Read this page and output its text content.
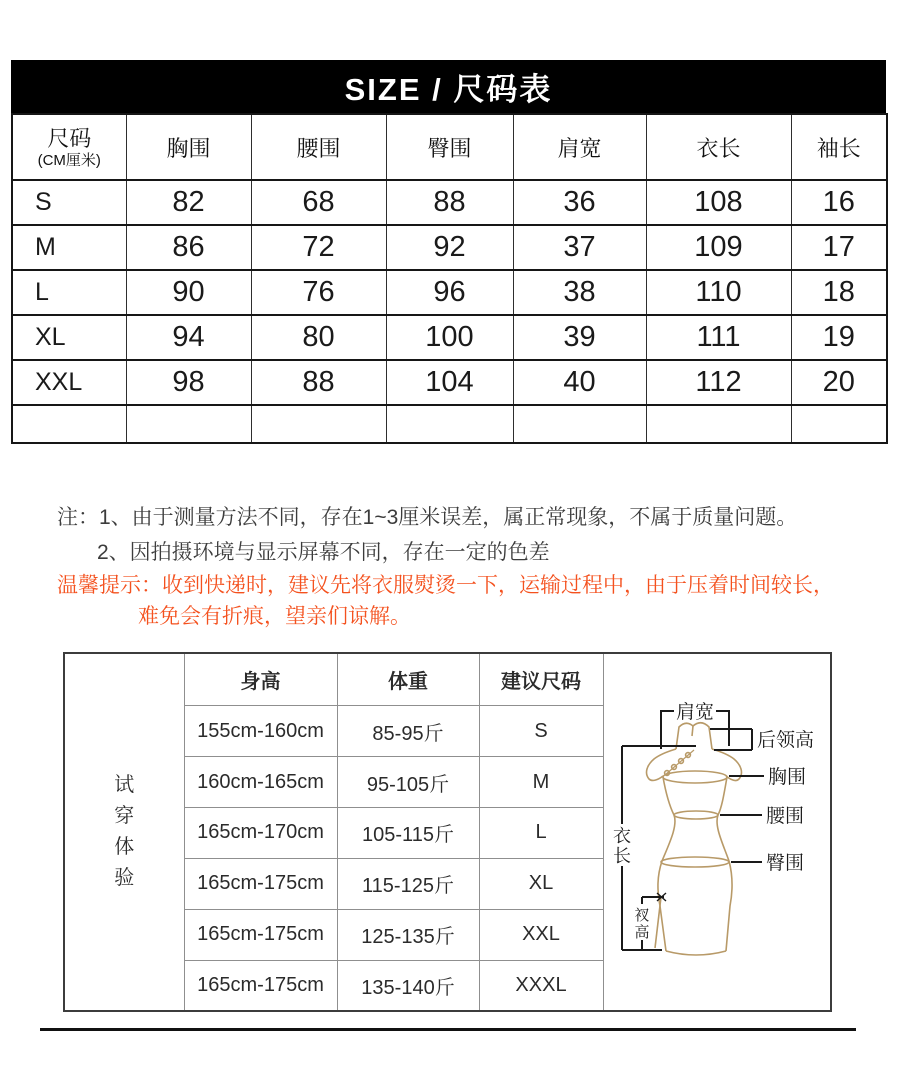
SIZE / 尺码表
尺码
(CM厘米)	胸围	腰围	臀围	肩宽	衣长	袖长
S	82	68	88	36	108	16
M	86	72	92	37	109	17
L	90	76	96	38	110	18
XL	94	80	100	39	111	19
XXL	98	88	104	40	112	20

注：1、由于测量方法不同，存在1~3厘米误差，属正常现象，不属于质量问题。
2、因拍摄环境与显示屏幕不同，存在一定的色差
温馨提示：收到快递时，建议先将衣服熨烫一下，运输过程中，由于压着时间较长，
难免会有折痕，望亲们谅解。
试
穿
体
验
	身高	体重	建议尺码	
肩宽
后领高
胸围
腰围
臀围
衣
长
衩
高

	155cm-160cm	85-95斤	S	
	160cm-165cm	95-105斤	M	
	165cm-170cm	105-115斤	L	
	165cm-175cm	115-125斤	XL	
	165cm-175cm	125-135斤	XXL	
	165cm-175cm	135-140斤	XXXL	
